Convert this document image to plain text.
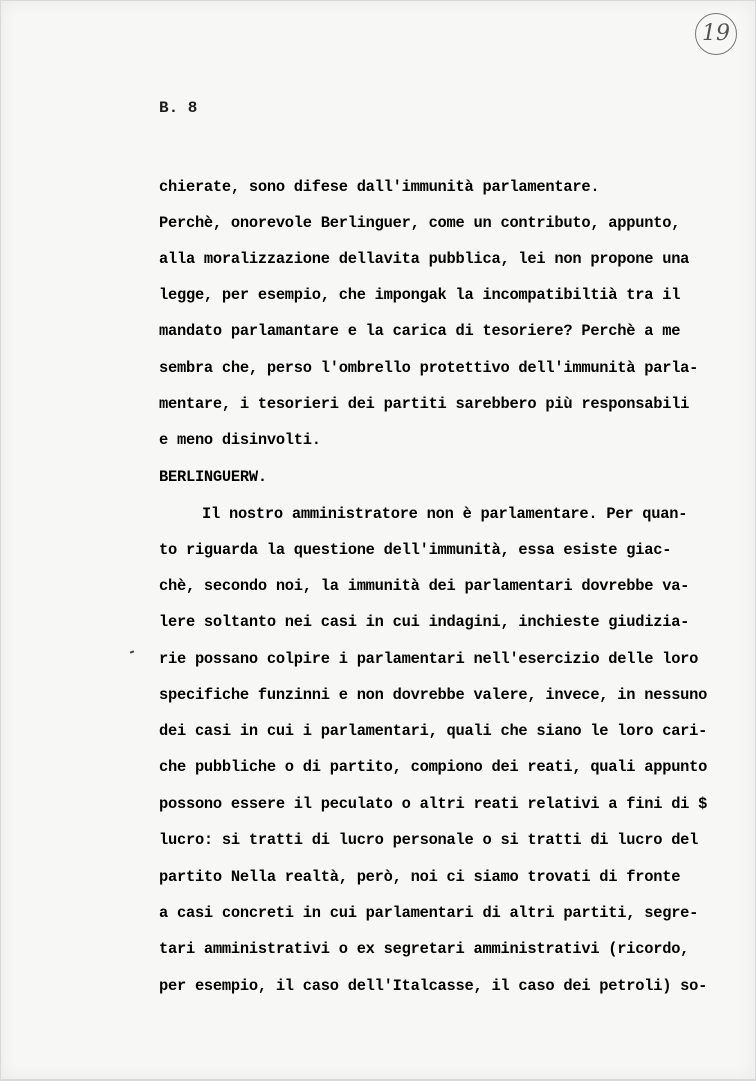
19
B. 8
chierate, sono difese dall'immunità parlamentare.
Perchè, onorevole Berlinguer, come un contributo, appunto,
alla moralizzazione dellavita pubblica, lei non propone una
legge, per esempio, che impongak la incompatibiltià tra il
mandato parlamantare e la carica di tesoriere? Perchè a me
sembra che, perso l'ombrello protettivo dell'immunità parla-
mentare, i tesorieri dei partiti sarebbero più responsabili
e meno disinvolti.
BERLINGUERW.
Il nostro amministratore non è parlamentare. Per quan-
to riguarda la questione dell'immunità, essa esiste giac-
chè, secondo noi, la immunità dei parlamentari dovrebbe va-
lere soltanto nei casi in cui indagini, inchieste giudizia-
rie possano colpire i parlamentari nell'esercizio delle loro
specifiche funzinni e non dovrebbe valere, invece, in nessuno
dei casi in cui i parlamentari, quali che siano le loro cari-
che pubbliche o di partito, compiono dei reati, quali appunto
possono essere il peculato o altri reati relativi a fini di $
lucro: si tratti di lucro personale o si tratti di lucro del
partito Nella realtà, però, noi ci siamo trovati di fronte
a casi concreti in cui parlamentari di altri partiti, segre-
tari amministrativi o ex segretari amministrativi (ricordo,
per esempio, il caso dell'Italcasse, il caso dei petroli) so-
